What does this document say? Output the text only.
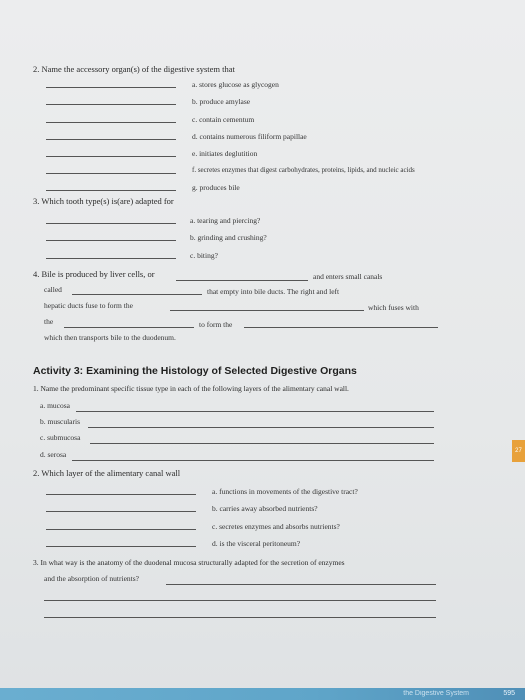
2. Name the accessory organ(s) of the digestive system that
a. stores glucose as glycogen
b. produce amylase
c. contain cementum
d. contains numerous filiform papillae
e. initiates deglutition
f. secretes enzymes that digest carbohydrates, proteins, lipids, and nucleic acids
g. produces bile
3. Which tooth type(s) is(are) adapted for
a. tearing and piercing?
b. grinding and crushing?
c. biting?
4. Bile is produced by liver cells, or	and enters small canals
called	that empty into bile ducts. The right and left
hepatic ducts fuse to form the	which fuses with
the	to form the
which then transports bile to the duodenum.
Activity 3: Examining the Histology of Selected Digestive Organs
1. Name the predominant specific tissue type in each of the following layers of the alimentary canal wall.
a. mucosa
b. muscularis
c. submucosa
d. serosa
2. Which layer of the alimentary canal wall
a. functions in movements of the digestive tract?
b. carries away absorbed nutrients?
c. secretes enzymes and absorbs nutrients?
d. is the visceral peritoneum?
3. In what way is the anatomy of the duodenal mucosa structurally adapted for the secretion of enzymes
and the absorption of nutrients?
27
the Digestive System	595
